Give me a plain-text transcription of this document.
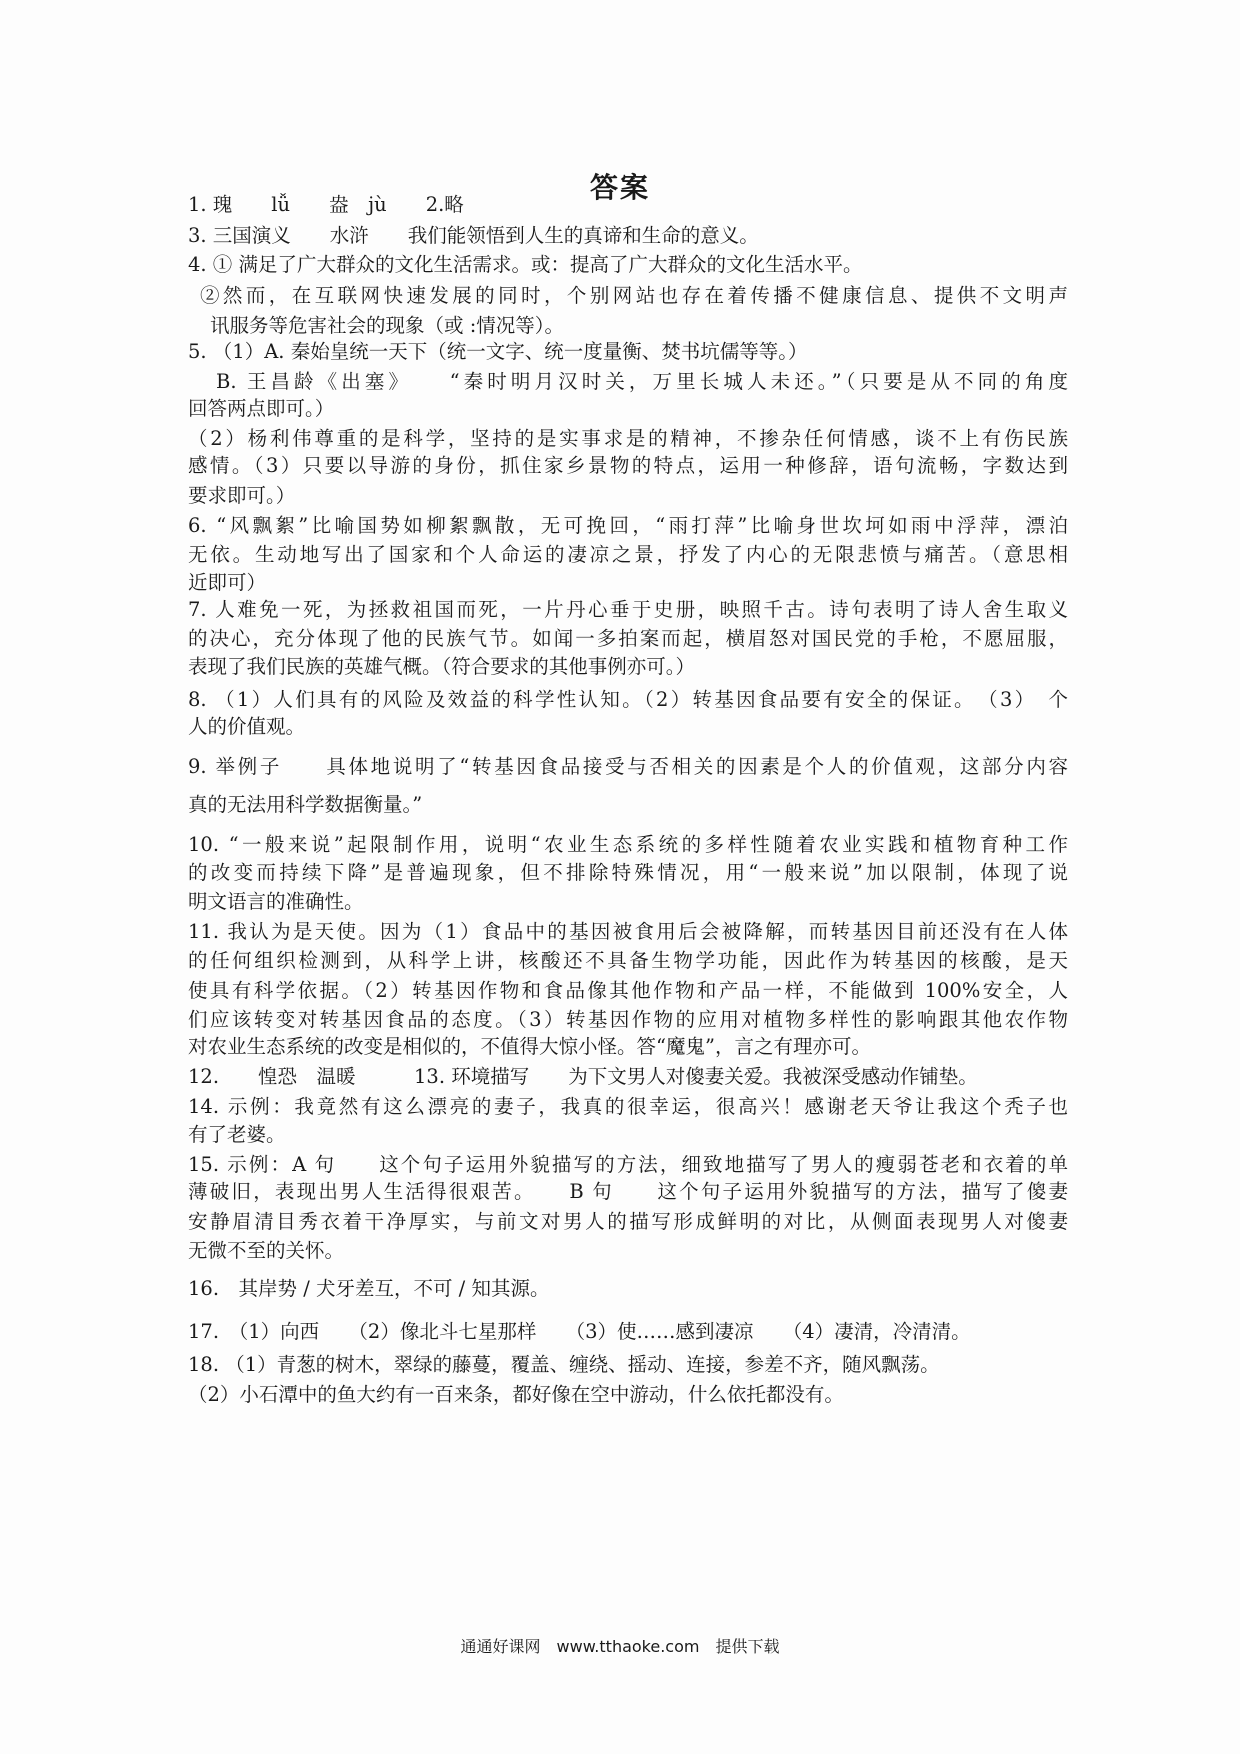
答案
1. 瑰　　lǚ　　盎　jù　　2.略
3. 三国演义　　水浒　　我们能领悟到人生的真谛和生命的意义。
4. ① 满足了广大群众的文化生活需求。或：提高了广大群众的文化生活水平。
②然而，在互联网快速发展的同时，个别网站也存在着传播不健康信息、提供不文明声
讯服务等危害社会的现象（或 :情况等）。
5. （1）A. 秦始皇统一天下（统一文字、统一度量衡、焚书坑儒等等。）
B. 王昌龄《出塞》　　“秦时明月汉时关，万里长城人未还。”（只要是从不同的角度
回答两点即可。）
（2）杨利伟尊重的是科学，坚持的是实事求是的精神，不掺杂任何情感，谈不上有伤民族
感情。（3）只要以导游的身份，抓住家乡景物的特点，运用一种修辞，语句流畅，字数达到
要求即可。）
6. “风飘絮”比喻国势如柳絮飘散，无可挽回，“雨打萍”比喻身世坎坷如雨中浮萍，漂泊
无依。生动地写出了国家和个人命运的凄凉之景，抒发了内心的无限悲愤与痛苦。（意思相
近即可）
7. 人难免一死，为拯救祖国而死，一片丹心垂于史册，映照千古。诗句表明了诗人舍生取义
的决心，充分体现了他的民族气节。如闻一多拍案而起，横眉怒对国民党的手枪，不愿屈服，
表现了我们民族的英雄气概。（符合要求的其他事例亦可。）
8. （1）人们具有的风险及效益的科学性认知。（2）转基因食品要有安全的保证。　（3）　个
人的价值观。
9. 举例子　　具体地说明了“转基因食品接受与否相关的因素是个人的价值观，这部分内容
真的无法用科学数据衡量。”
10. “一般来说”起限制作用，说明“农业生态系统的多样性随着农业实践和植物育种工作
的改变而持续下降”是普遍现象，但不排除特殊情况，用“一般来说”加以限制，体现了说
明文语言的准确性。
11. 我认为是天使。因为（1）食品中的基因被食用后会被降解，而转基因目前还没有在人体
的任何组织检测到，从科学上讲，核酸还不具备生物学功能，因此作为转基因的核酸，是天
使具有科学依据。（2）转基因作物和食品像其他作物和产品一样，不能做到 100%安全，人
们应该转变对转基因食品的态度。（3）转基因作物的应用对植物多样性的影响跟其他农作物
对农业生态系统的改变是相似的，不值得大惊小怪。答“魔鬼”，言之有理亦可。
12.　　惶恐　温暖　　　13. 环境描写　　为下文男人对傻妻关爱。我被深受感动作铺垫。
14. 示例：我竟然有这么漂亮的妻子，我真的很幸运，很高兴！感谢老天爷让我这个秃子也
有了老婆。
15. 示例：A 句　　这个句子运用外貌描写的方法，细致地描写了男人的瘦弱苍老和衣着的单
薄破旧，表现出男人生活得很艰苦。　　B 句　　这个句子运用外貌描写的方法，描写了傻妻
安静眉清目秀衣着干净厚实，与前文对男人的描写形成鲜明的对比，从侧面表现男人对傻妻
无微不至的关怀。
16.　其岸势 / 犬牙差互，不可 / 知其源。
17.　（1）向西　　（2）像北斗七星那样　　（3）使……感到凄凉　　（4）凄清，冷清清。
18. （1）青葱的树木，翠绿的藤蔓，覆盖、缠绕、摇动、连接，参差不齐，随风飘荡。
（2）小石潭中的鱼大约有一百来条，都好像在空中游动，什么依托都没有。
通通好课网　www.tthaoke.com　提供下载
